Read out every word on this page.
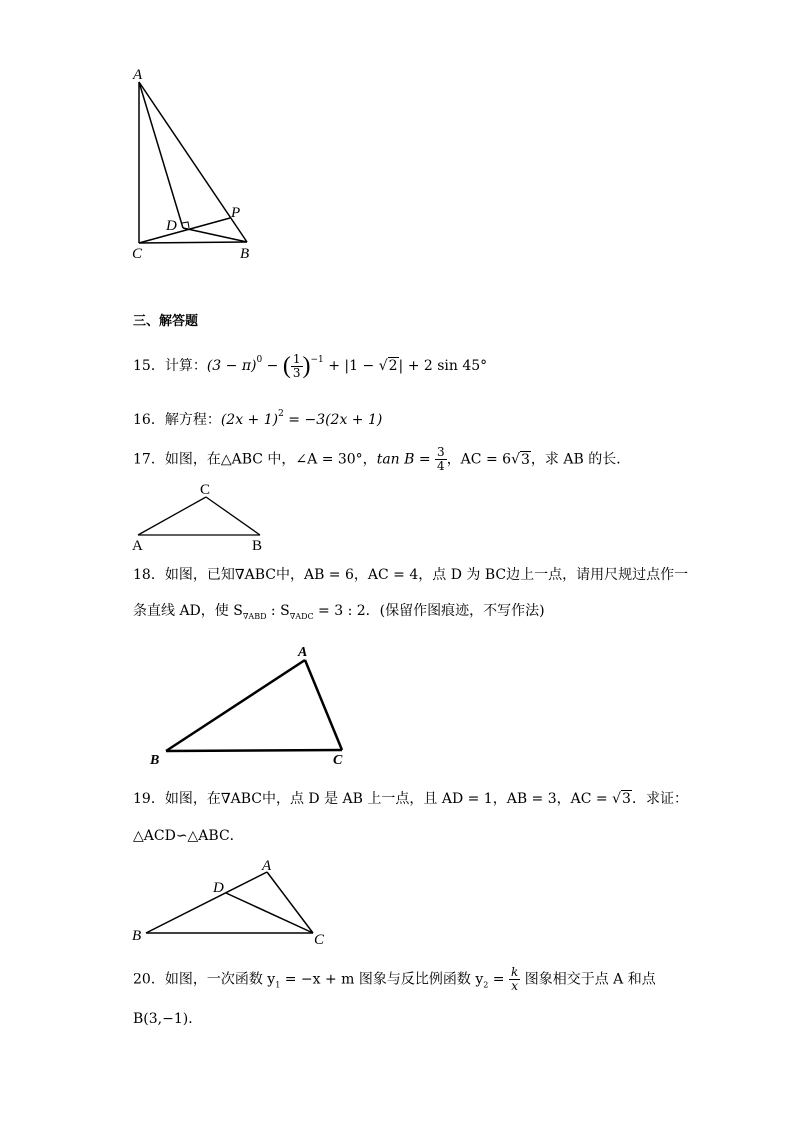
A
P
D
C	B
三、解答题
15．计算：$(3 - \pi)^0$ − ( $\frac{1}{3} )^{-1} + |1 - √2| + 2$ sin 45°
16．解方程：$(2x + 1)^2 = -3(2x + 1)$
17．如图，在△ABC 中，∠A = 30°，$\tan B = \frac{3}{4}$ ，AC = 6√3，求 AB 的长．
C
A	B
18．如图，已知∇ABC中，AB = 6，AC = 4，点 D 为 BC边上一点，请用尺规过点作一
条直线 AD，使 $S_{\nabla ABD}$ : $S_{\nabla ADC} = 3$ : 2．(保留作图痕迹，不写作法)
A
B	C
19．如图，在∇ABC中，点 D 是 AB 上一点，且 AD = 1，AB = 3，AC = √3．求证：
△ACD∽△ABC．
A
D
B	C
20．如图，一次函数 $y_1 = -x + m$ 图象与反比例函数 $y_2 = \frac{k}{x}$ 图象相交于点 A 和点
B(3,−1)．
